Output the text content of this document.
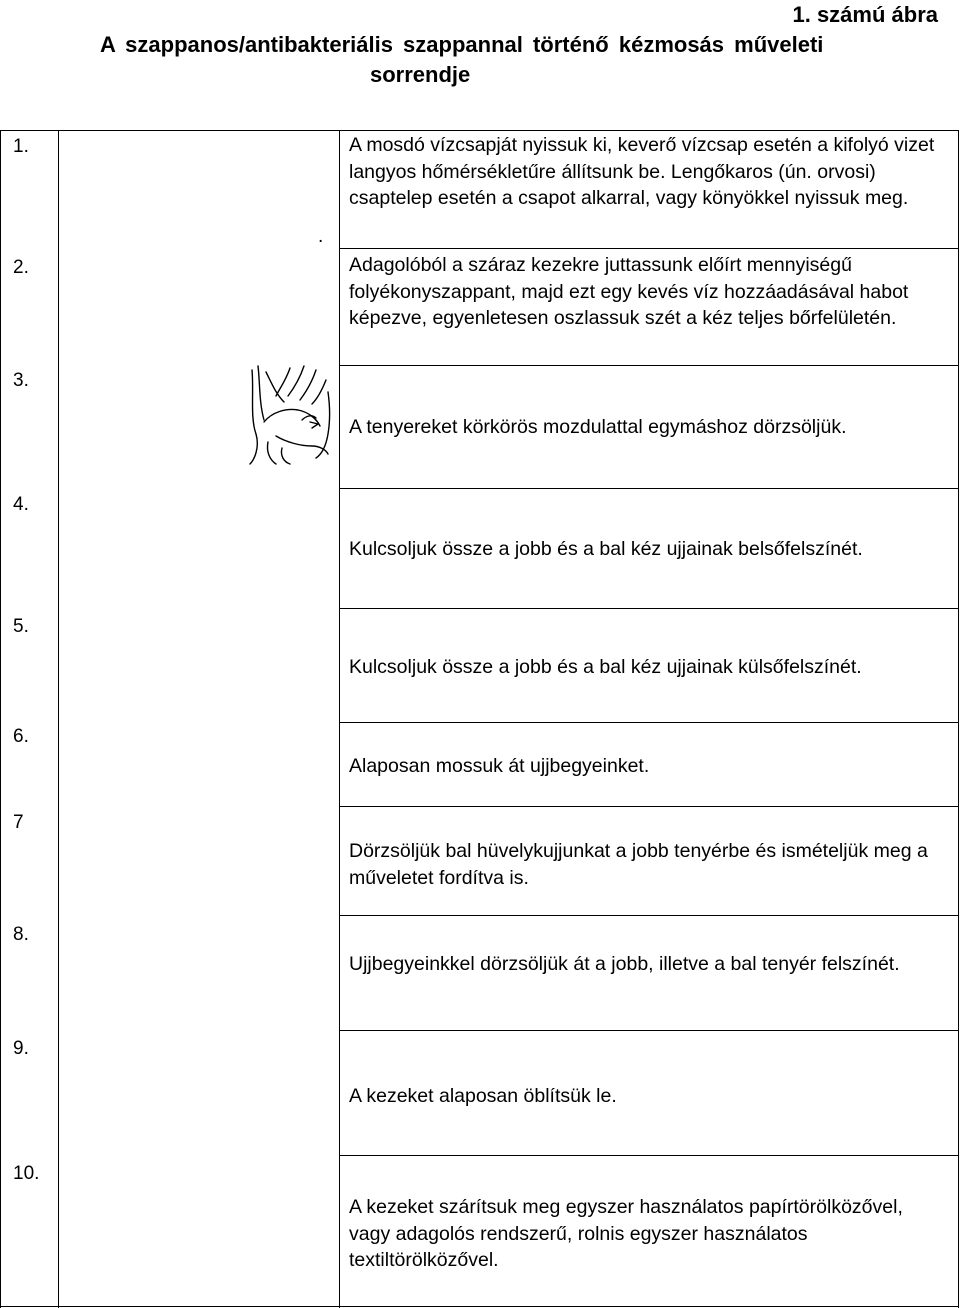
1. számú ábra
A szappanos/antibakteriális szappannal történő kézmosás műveleti
sorrendje
1.
2.
3.
4.
5.
6.
7
8.
9.
10.
.
A mosdó vízcsapját nyissuk ki, keverő vízcsap esetén a kifolyó vizet langyos hőmérsékletűre állítsunk be. Lengőkaros (ún. orvosi) csaptelep esetén a csapot alkarral, vagy könyökkel nyissuk meg.
Adagolóból a száraz kezekre juttassunk előírt mennyiségű folyékonyszappant, majd ezt egy kevés víz hozzáadásával habot képezve, egyenletesen oszlassuk szét a kéz teljes bőrfelületén.
A tenyereket körkörös mozdulattal egymáshoz dörzsöljük.
Kulcsoljuk össze a jobb és a bal kéz ujjainak belsőfelszínét.
Kulcsoljuk össze a jobb és a bal kéz ujjainak külsőfelszínét.
Alaposan mossuk át ujjbegyeinket.
Dörzsöljük bal hüvelykujjunkat a jobb tenyérbe és ismételjük meg a műveletet fordítva is.
Ujjbegyeinkkel dörzsöljük át a jobb, illetve a bal tenyér felszínét.
A kezeket alaposan öblítsük le.
A kezeket szárítsuk meg egyszer használatos papírtörölközővel, vagy adagolós rendszerű, rolnis egyszer használatos textiltörölközővel.
